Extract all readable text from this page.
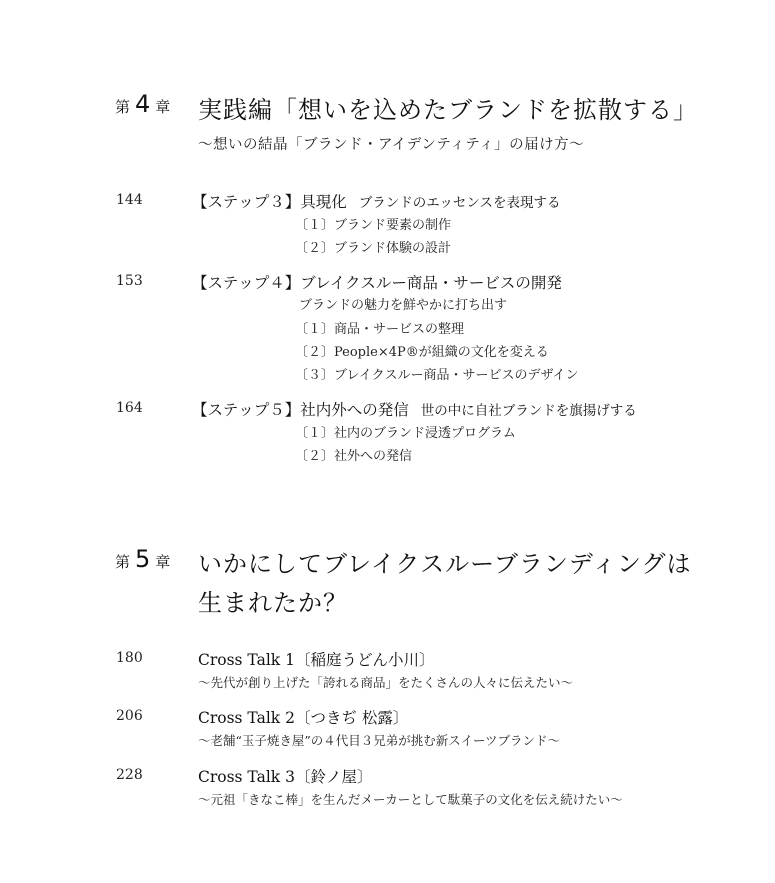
第 4 章 実践編「想いを込めたブランドを拡散する」
〜想いの結晶「ブランド・アイデンティティ」の届け方〜
144	【ステップ３】具現化 ブランドのエッセンスを表現する
〔１〕ブランド要素の制作
〔２〕ブランド体験の設計
153	【ステップ４】ブレイクスルー商品・サービスの開発
ブランドの魅力を鮮やかに打ち出す
〔１〕商品・サービスの整理
〔２〕People×4P®が組織の文化を変える
〔３〕ブレイクスルー商品・サービスのデザイン
164	【ステップ５】社内外への発信 世の中に自社ブランドを旗揚げする
〔１〕社内のブランド浸透プログラム
〔２〕社外への発信
第 5 章 いかにしてブレイクスルーブランディングは
生まれたか？
180	Cross Talk 1〔稲庭うどん小川〕
〜先代が創り上げた「誇れる商品」をたくさんの人々に伝えたい〜
206	Cross Talk 2〔つきぢ 松露〕
〜老舗“玉子焼き屋”の４代目３兄弟が挑む新スイーツブランド〜
228	Cross Talk 3〔鈴ノ屋〕
〜元祖「きなこ棒」を生んだメーカーとして駄菓子の文化を伝え続けたい〜
